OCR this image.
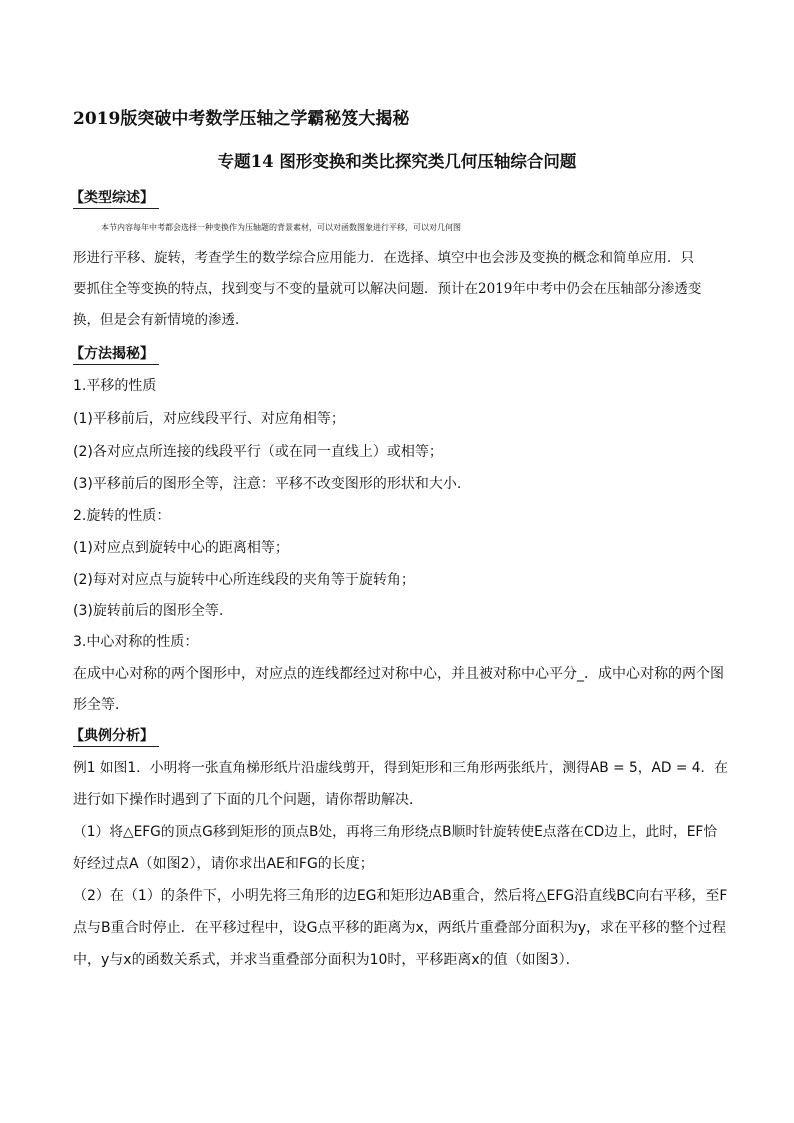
2019版突破中考数学压轴之学霸秘笈大揭秘
专题14 图形变换和类比探究类几何压轴综合问题
【类型综述】
本节内容每年中考都会选择一种变换作为压轴题的背景素材，可以对函数图象进行平移，可以对几何图
形进行平移、旋转，考查学生的数学综合应用能力．在选择、填空中也会涉及变换的概念和简单应用．只
要抓住全等变换的特点，找到变与不变的量就可以解决问题．预计在2019年中考中仍会在压轴部分渗透变
换，但是会有新情境的渗透．
【方法揭秘】
1.平移的性质
(1)平移前后，对应线段平行、对应角相等；
(2)各对应点所连接的线段平行（或在同一直线上）或相等；
(3)平移前后的图形全等，注意：平移不改变图形的形状和大小.
2.旋转的性质：
(1)对应点到旋转中心的距离相等；
(2)每对对应点与旋转中心所连线段的夹角等于旋转角；
(3)旋转前后的图形全等.
3.中心对称的性质：
在成中心对称的两个图形中，对应点的连线都经过对称中心，并且被对称中心平分_．成中心对称的两个图
形全等.
【典例分析】
例1 如图1．小明将一张直角梯形纸片沿虚线剪开，得到矩形和三角形两张纸片，测得AB = 5，AD = 4．在
进行如下操作时遇到了下面的几个问题，请你帮助解决．
（1）将△EFG的顶点G移到矩形的顶点B处，再将三角形绕点B顺时针旋转使E点落在CD边上，此时，EF恰
好经过点A（如图2），请你求出AE和FG的长度；
（2）在（1）的条件下，小明先将三角形的边EG和矩形边AB重合，然后将△EFG沿直线BC向右平移，至F
点与B重合时停止．在平移过程中，设G点平移的距离为x，两纸片重叠部分面积为y，求在平移的整个过程
中，y与x的函数关系式，并求当重叠部分面积为10时，平移距离x的值（如图3）．
